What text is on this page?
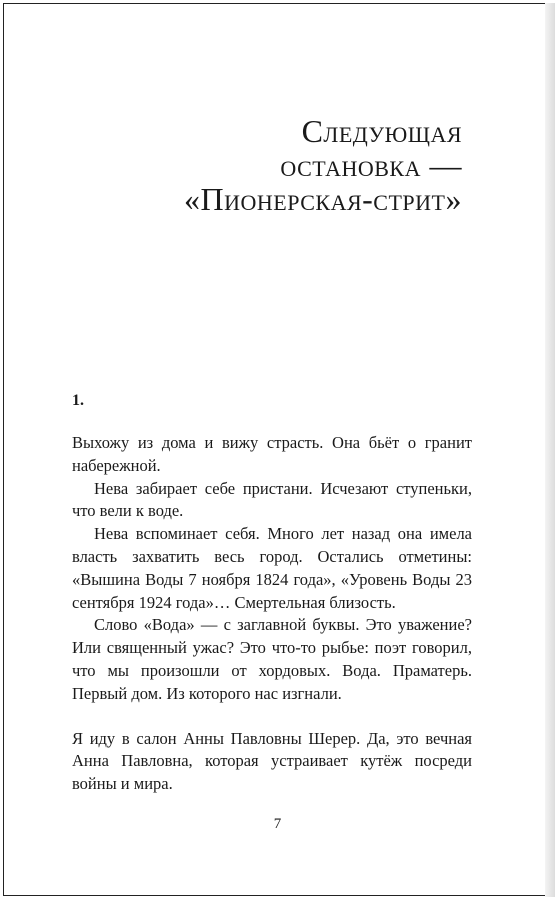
Следующая
остановка —
«Пионерская-стрит»
1.

Выхожу из дома и вижу страсть. Она бьёт о гранит набережной.

Нева забирает себе пристани. Исчезают ступеньки, что вели к воде.

Нева вспоминает себя. Много лет назад она имела власть захватить весь город. Остались отметины: «Вышина Воды 7 ноября 1824 года», «Уровень Воды 23 сентября 1924 года»… Смертельная близость.

Слово «Вода» — с заглавной буквы. Это уважение? Или священный ужас? Это что-то рыбье: поэт говорил, что мы произошли от хордовых. Вода. Праматерь. Первый дом. Из которого нас изгнали.

Я иду в салон Анны Павловны Шерер. Да, это вечная Анна Павловна, которая устраивает кутёж посреди войны и мира.

7
